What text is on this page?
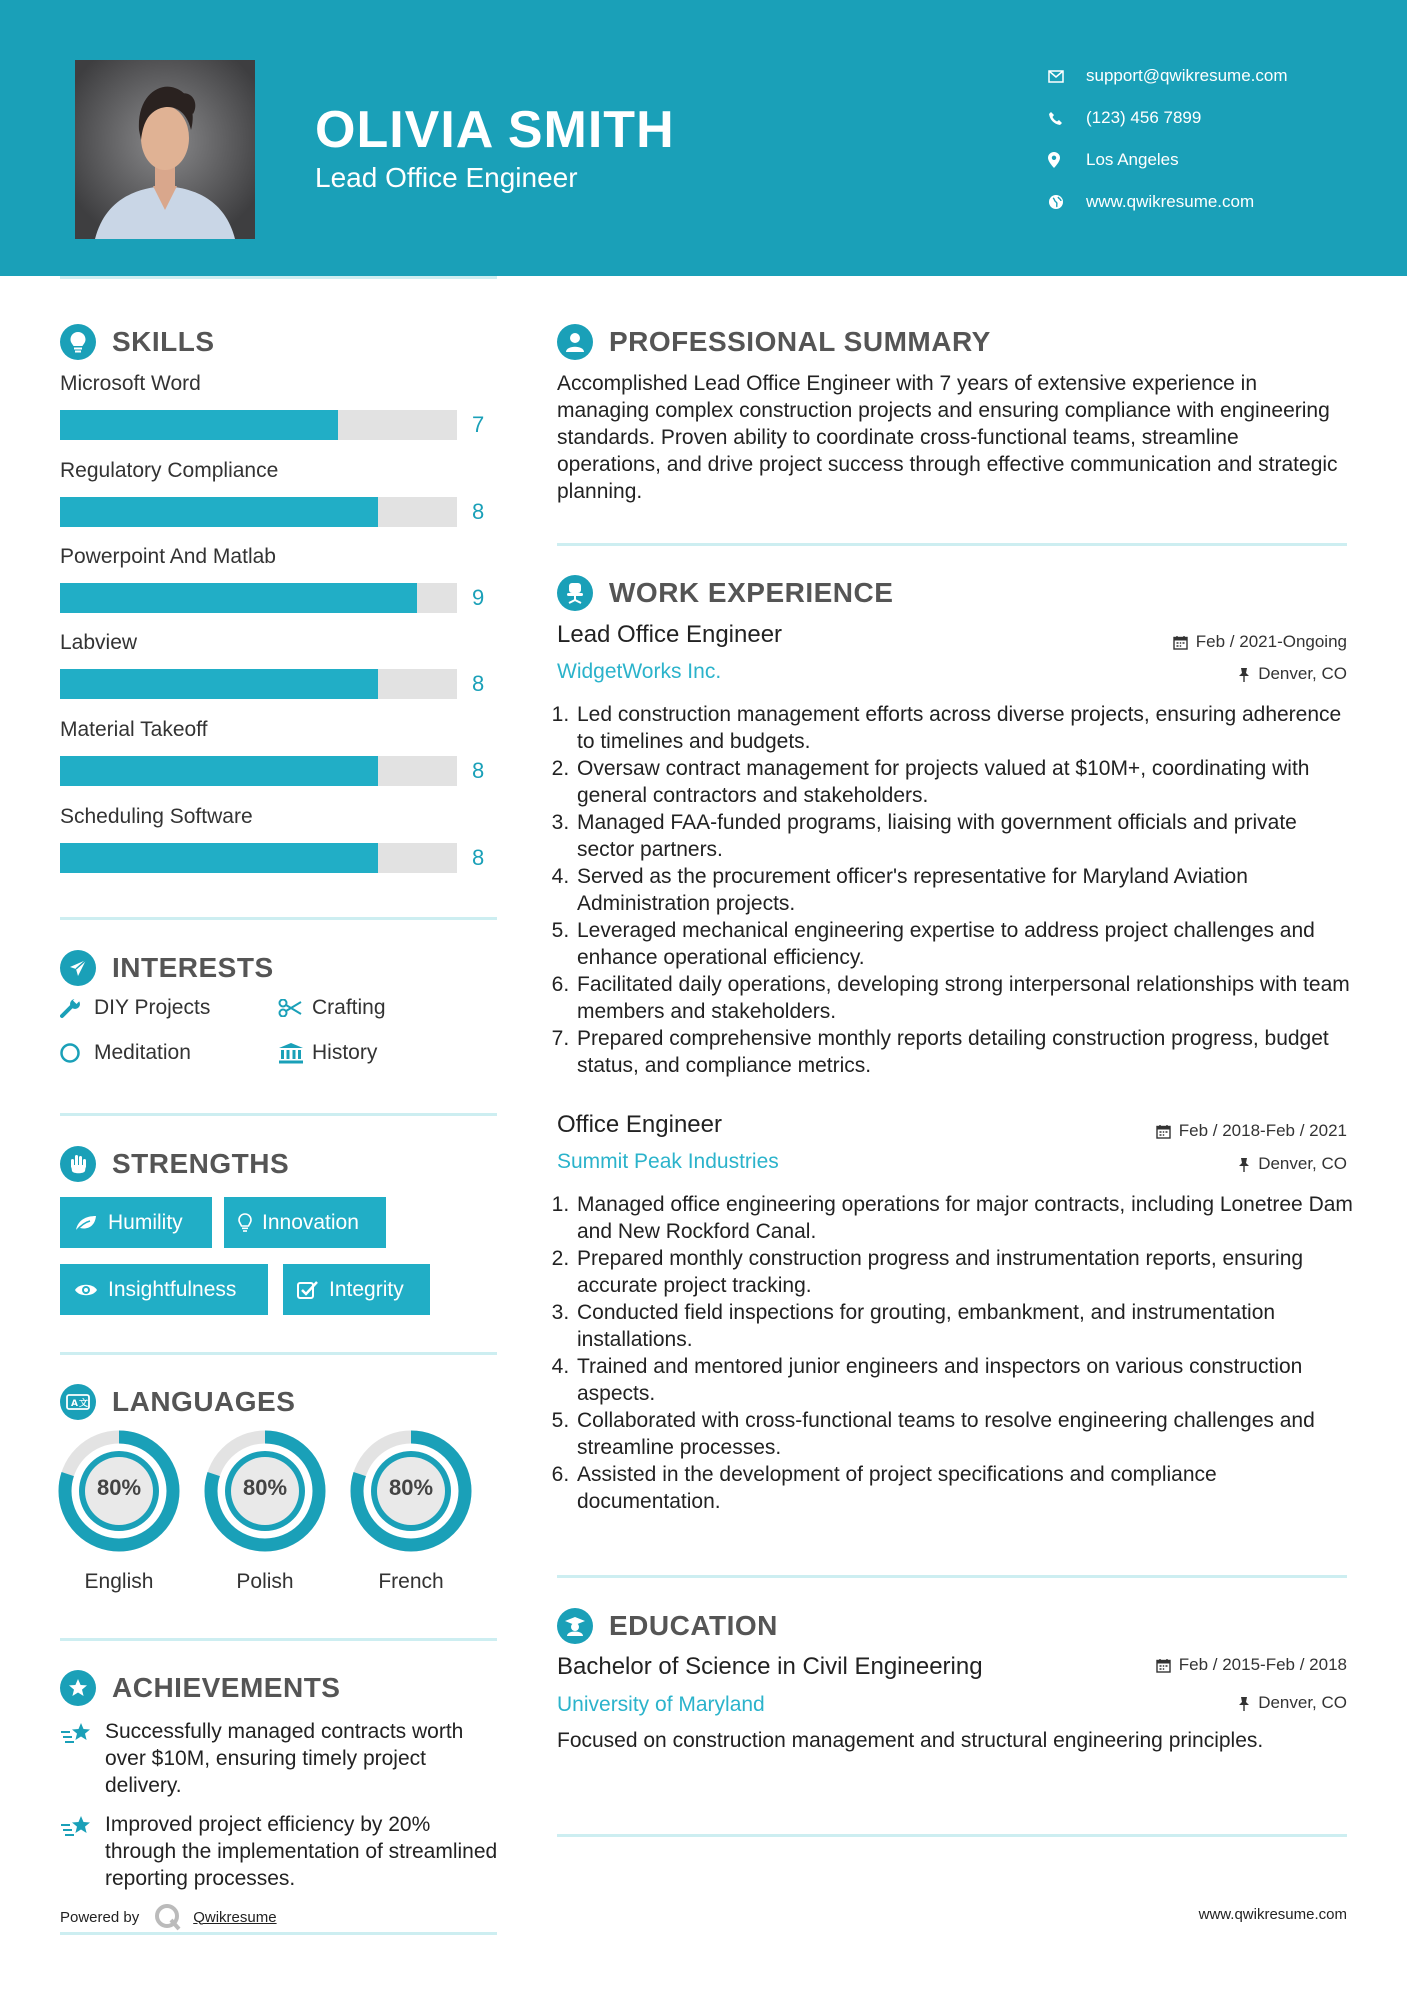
OLIVIA SMITH
Lead Office Engineer
support@qwikresume.com
(123) 456 7899
Los Angeles
www.qwikresume.com
SKILLS
Microsoft Word
7
Regulatory Compliance
8
Powerpoint And Matlab
9
Labview
8
Material Takeoff
8
Scheduling Software
8
INTERESTS
DIY Projects	Crafting
Meditation	History
STRENGTHS
Humility	Innovation
Insightfulness	Integrity
A 文 LANGUAGES
80%
English
80%
Polish
80%
French
ACHIEVEMENTS
Successfully managed contracts worth over $10M, ensuring timely project delivery.
Improved project efficiency by 20% through the implementation of streamlined reporting processes.
Powered by	Qwikresume
PROFESSIONAL SUMMARY
Accomplished Lead Office Engineer with 7 years of extensive experience in managing complex construction projects and ensuring compliance with engineering standards. Proven ability to coordinate cross-functional teams, streamline operations, and drive project success through effective communication and strategic planning.
WORK EXPERIENCE
Lead Office Engineer
WidgetWorks Inc.
Feb / 2021-Ongoing
Denver, CO
1. Led construction management efforts across diverse projects, ensuring adherence to timelines and budgets.
2. Oversaw contract management for projects valued at $10M+, coordinating with general contractors and stakeholders.
3. Managed FAA-funded programs, liaising with government officials and private sector partners.
4. Served as the procurement officer's representative for Maryland Aviation Administration projects.
5. Leveraged mechanical engineering expertise to address project challenges and enhance operational efficiency.
6. Facilitated daily operations, developing strong interpersonal relationships with team members and stakeholders.
7. Prepared comprehensive monthly reports detailing construction progress, budget status, and compliance metrics.
Office Engineer
Summit Peak Industries
Feb / 2018-Feb / 2021
Denver, CO
1. Managed office engineering operations for major contracts, including Lonetree Dam and New Rockford Canal.
2. Prepared monthly construction progress and instrumentation reports, ensuring accurate project tracking.
3. Conducted field inspections for grouting, embankment, and instrumentation installations.
4. Trained and mentored junior engineers and inspectors on various construction aspects.
5. Collaborated with cross-functional teams to resolve engineering challenges and streamline processes.
6. Assisted in the development of project specifications and compliance documentation.
EDUCATION
Bachelor of Science in Civil Engineering
University of Maryland
Feb / 2015-Feb / 2018
Denver, CO
Focused on construction management and structural engineering principles.
www.qwikresume.com
